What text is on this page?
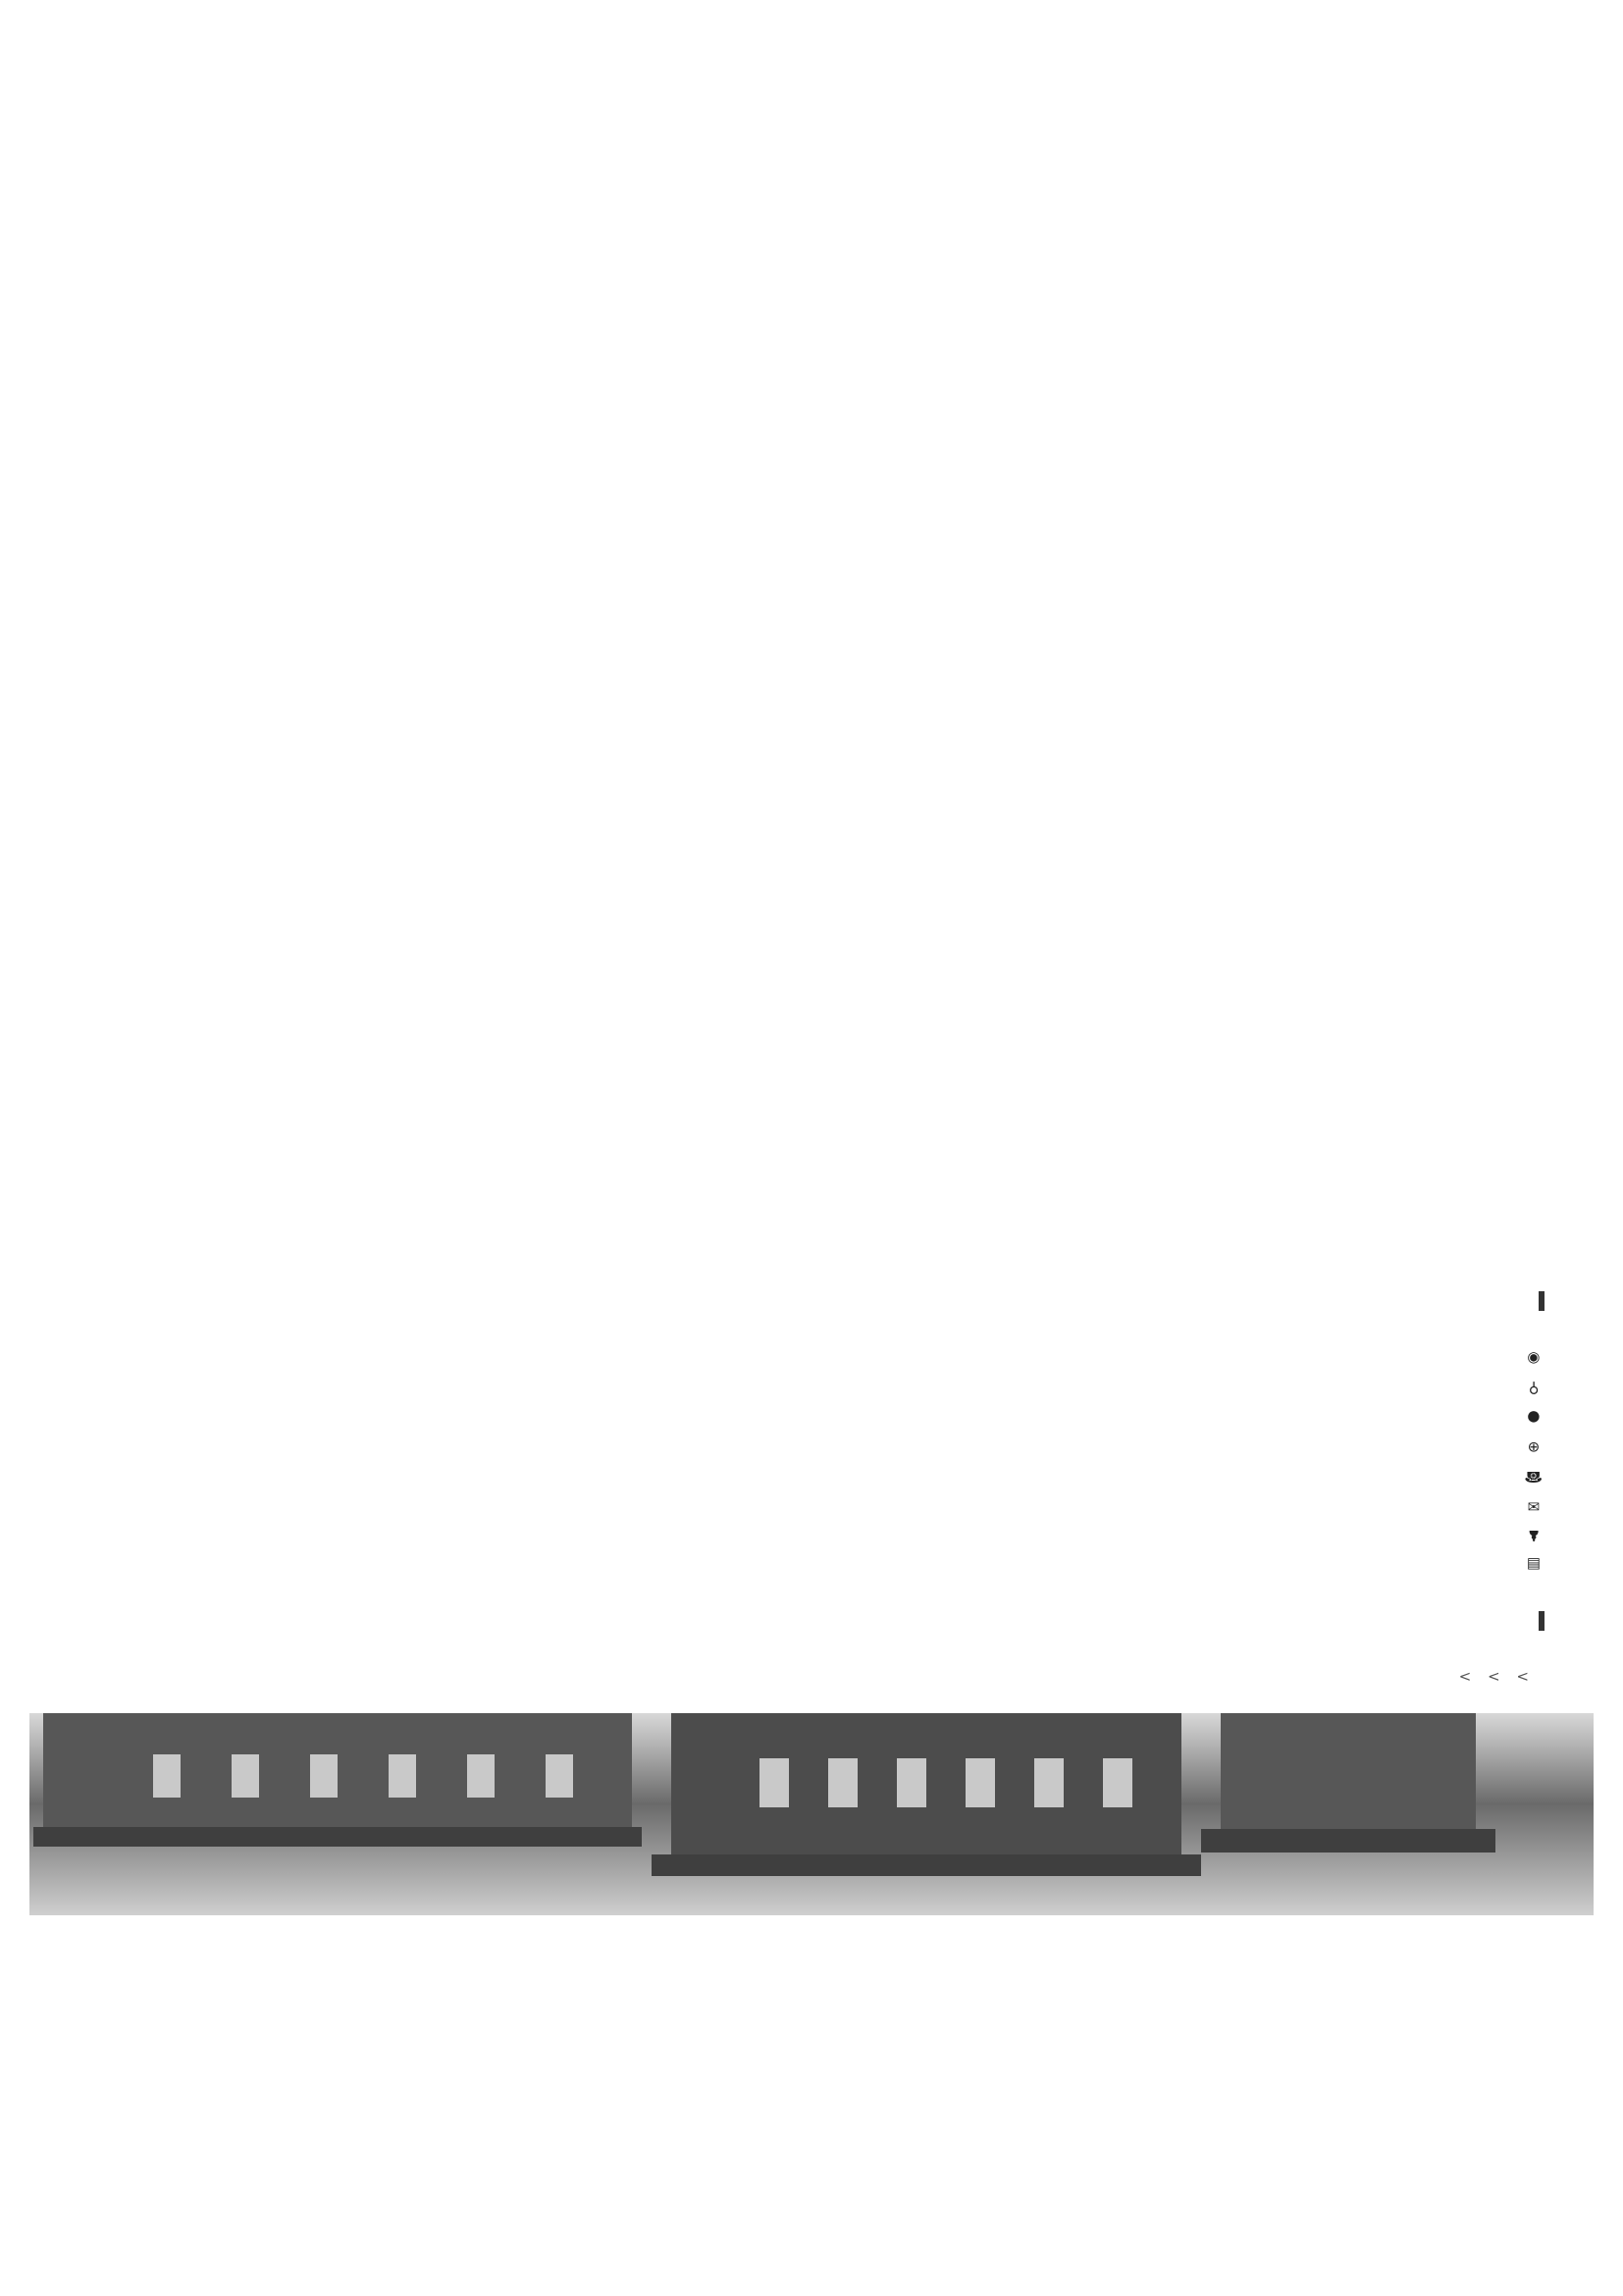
> > >
▤
♟
✉
☎
⊕
●
⚲
◉
